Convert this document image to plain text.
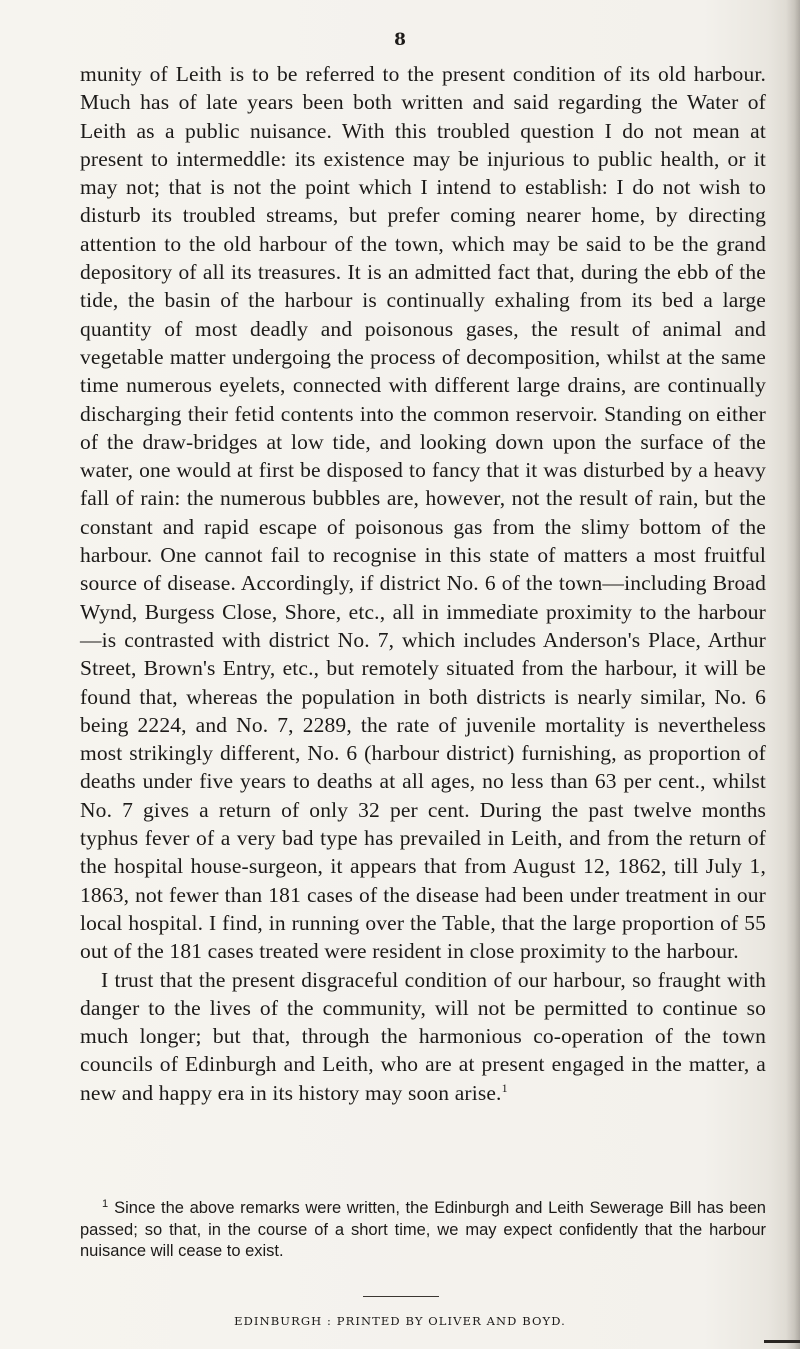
8

munity of Leith is to be referred to the present condition of its old harbour. Much has of late years been both written and said regarding the Water of Leith as a public nuisance. With this troubled question I do not mean at present to intermeddle: its existence may be injurious to public health, or it may not; that is not the point which I intend to establish: I do not wish to disturb its troubled streams, but prefer coming nearer home, by directing attention to the old harbour of the town, which may be said to be the grand depository of all its treasures. It is an admitted fact that, during the ebb of the tide, the basin of the harbour is continually exhaling from its bed a large quantity of most deadly and poisonous gases, the result of animal and vegetable matter undergoing the process of decomposition, whilst at the same time numerous eyelets, connected with different large drains, are continually discharging their fetid contents into the common reservoir. Standing on either of the draw-bridges at low tide, and looking down upon the surface of the water, one would at first be disposed to fancy that it was disturbed by a heavy fall of rain: the numerous bubbles are, however, not the result of rain, but the constant and rapid escape of poisonous gas from the slimy bottom of the harbour. One cannot fail to recognise in this state of matters a most fruitful source of disease. Accordingly, if district No. 6 of the town—including Broad Wynd, Burgess Close, Shore, etc., all in immediate proximity to the harbour—is contrasted with district No. 7, which includes Anderson's Place, Arthur Street, Brown's Entry, etc., but remotely situated from the harbour, it will be found that, whereas the population in both districts is nearly similar, No. 6 being 2224, and No. 7, 2289, the rate of juvenile mortality is nevertheless most strikingly different, No. 6 (harbour district) furnishing, as proportion of deaths under five years to deaths at all ages, no less than 63 per cent., whilst No. 7 gives a return of only 32 per cent. During the past twelve months typhus fever of a very bad type has prevailed in Leith, and from the return of the hospital house-surgeon, it appears that from August 12, 1862, till July 1, 1863, not fewer than 181 cases of the disease had been under treatment in our local hospital. I find, in running over the Table, that the large proportion of 55 out of the 181 cases treated were resident in close proximity to the harbour.

I trust that the present disgraceful condition of our harbour, so fraught with danger to the lives of the community, will not be permitted to continue so much longer; but that, through the harmonious co-operation of the town councils of Edinburgh and Leith, who are at present engaged in the matter, a new and happy era in its history may soon arise.$^1$

$^1$ Since the above remarks were written, the Edinburgh and Leith Sewerage Bill has been passed; so that, in the course of a short time, we may expect confidently that the harbour nuisance will cease to exist.
EDINBURGH : PRINTED BY OLIVER AND BOYD.
